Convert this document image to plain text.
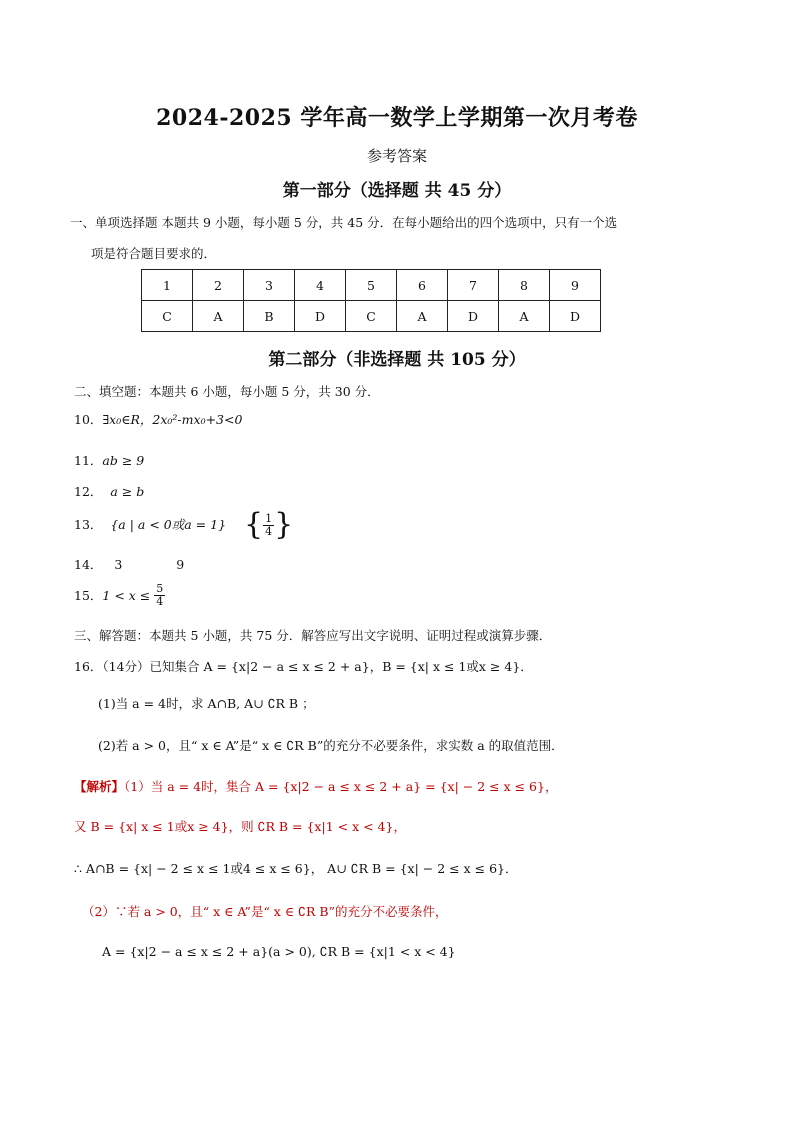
2024-2025 学年高一数学上学期第一次月考卷
参考答案
第一部分（选择题 共 45 分）
一、单项选择题 本题共 9 小题，每小题 5 分，共 45 分．在每小题给出的四个选项中，只有一个选
项是符合题目要求的．
1	2	3	4	5	6	7	8	9
C	A	B	D	C	A	D	A	D
第二部分（非选择题 共 105 分）
二、填空题：本题共 6 小题，每小题 5 分，共 30 分．
10．∃x₀∈R，2x₀²-mx₀+3<0
11．ab ≥ 9
12． a ≥ b
13．
{a | a < 0或a = 1} { $\frac{1}{4}$ }
14． 3	9
15． 1 < x ≤
$\frac{5}{4}$
三、解答题：本题共 5 小题，共 75 分．解答应写出文字说明、证明过程或演算步骤．
16．（14分）已知集合 A = {x|2 − a ≤ x ≤ 2 + a}，B = {x| x ≤ 1或x ≥ 4}．
(1)当 a = 4时，求 A∩B, A∪ ∁R B ；
(2)若 a > 0，且“ x ∈ A”是“ x ∈ ∁R B”的充分不必要条件，求实数 a 的取值范围．
【解析】（1）当 a = 4时，集合 A = {x|2 − a ≤ x ≤ 2 + a} = {x| − 2 ≤ x ≤ 6}，
又 B = {x| x ≤ 1或x ≥ 4}，则 ∁R B = {x|1 < x < 4}，
∴ A∩B = {x| − 2 ≤ x ≤ 1或4 ≤ x ≤ 6}， A∪ ∁R B = {x| − 2 ≤ x ≤ 6}．
（2）∵若 a > 0，且“ x ∈ A”是“ x ∈ ∁R B”的充分不必要条件，
A = {x|2 − a ≤ x ≤ 2 + a}(a > 0), ∁R B = {x|1 < x < 4}
